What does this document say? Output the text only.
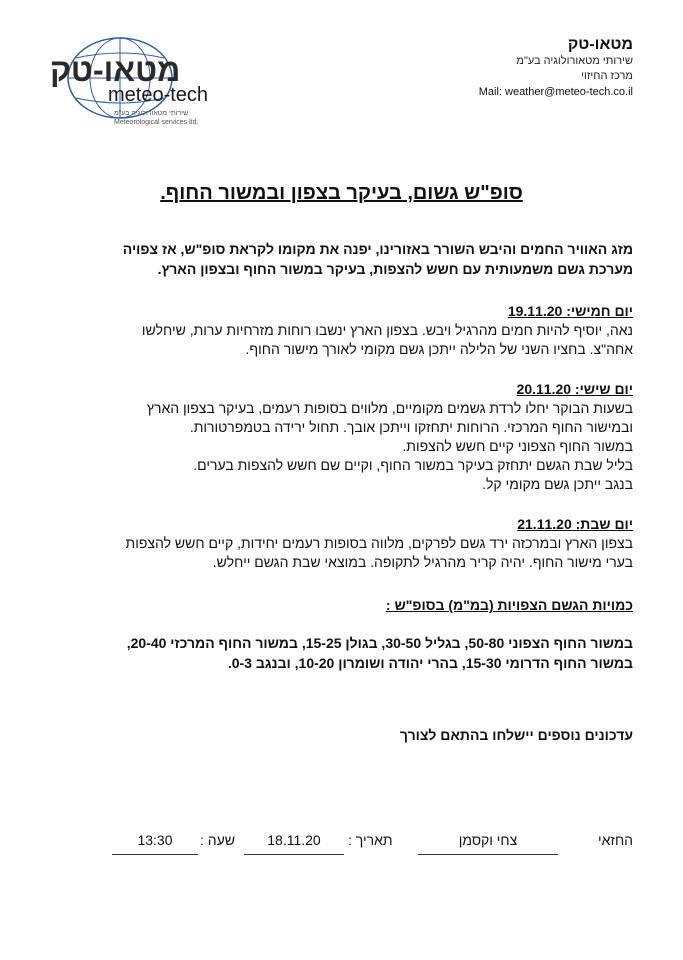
מטאו-טק
meteo-tech
שירותי מטאורולוגיה בע"מ
Meteorological services ltd.
מטאו-טק
שירותי מטאורולוגיה בע"מ
מרכז החיזוי
Mail: weather@meteo-tech.co.il
סופ"ש גשום, בעיקר בצפון ובמשור החוף.
מזג האוויר החמים והיבש השורר באזורינו, יפנה את מקומו לקראת סופ"ש, אז צפויה
מערכת גשם משמעותית עם חשש להצפות, בעיקר במשור החוף ובצפון הארץ.
יום חמישי: 19.11.20
נאה, יוסיף להיות חמים מהרגיל ויבש. בצפון הארץ ינשבו רוחות מזרחיות ערות, שיחלשו
אחה"צ. בחציו השני של הלילה ייתכן גשם מקומי לאורך מישור החוף.
יום שישי: 20.11.20
בשעות הבוקר יחלו לרדת גשמים מקומיים, מלווים בסופות רעמים, בעיקר בצפון הארץ
ובמישור החוף המרכזי. הרוחות יתחזקו וייתכן אובך. תחול ירידה בטמפרטורות.
במשור החוף הצפוני קיים חשש להצפות.
בליל שבת הגשם יתחזק בעיקר במשור החוף, וקיים שם חשש להצפות בערים.
בנגב ייתכן גשם מקומי קל.
יום שבת: 21.11.20
בצפון הארץ ובמרכזה ירד גשם לפרקים, מלווה בסופות רעמים יחידות, קיים חשש להצפות
בערי מישור החוף. יהיה קריר מהרגיל לתקופה. במוצאי שבת הגשם ייחלש.
כמויות הגשם הצפויות (במ"מ) בסופ"ש :
במשור החוף הצפוני 50-80, בגליל 30-50, בגולן 15-25, במשור החוף המרכזי 20-40,
במשור החוף הדרומי 15-30, בהרי יהודה ושומרון 10-20, ובנגב 0-3.
עדכונים נוספים יישלחו בהתאם לצורך
החזאי
צחי וקסמן
תאריך :
18.11.20
שעה :
13:30
